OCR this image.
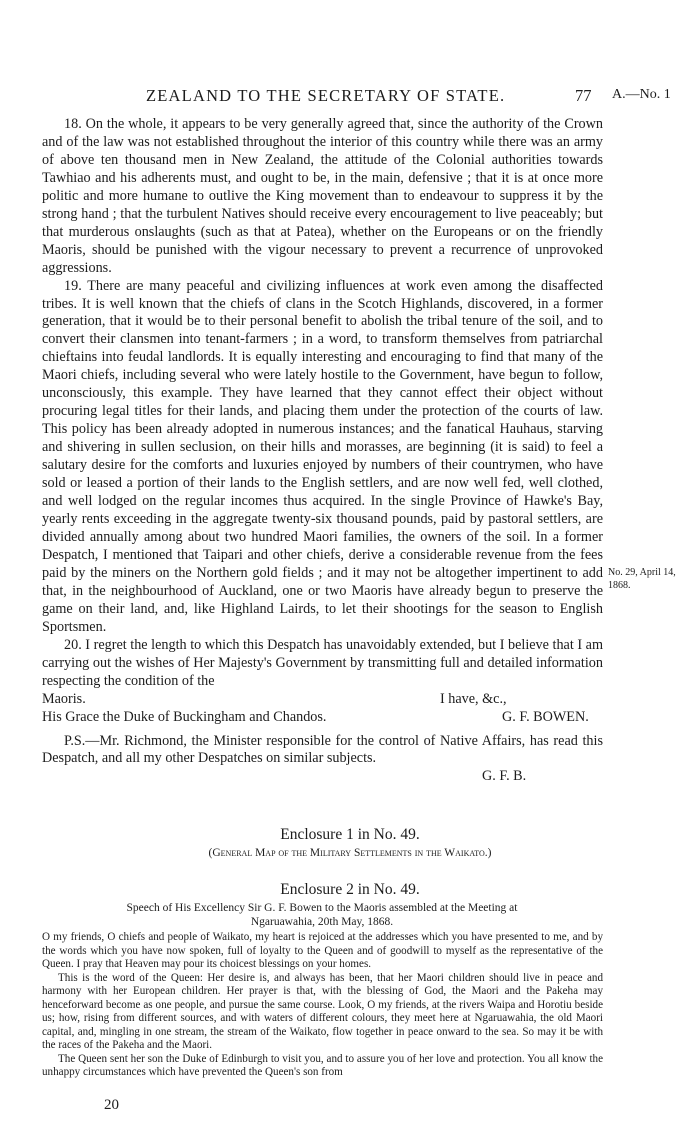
ZEALAND TO THE SECRETARY OF STATE.	77 A.—No. 1

18. On the whole, it appears to be very generally agreed that, since the authority of the Crown and of the law was not established throughout the interior of this country while there was an army of above ten thousand men in New Zealand, the attitude of the Colonial authorities towards Tawhiao and his adherents must, and ought to be, in the main, defensive ; that it is at once more politic and more humane to outlive the King movement than to endeavour to suppress it by the strong hand ; that the turbulent Natives should receive every encouragement to live peaceably; but that murderous onslaughts (such as that at Patea), whether on the Europeans or on the friendly Maoris, should be punished with the vigour necessary to prevent a recurrence of unprovoked aggressions.

19. There are many peaceful and civilizing influences at work even among the disaffected tribes. It is well known that the chiefs of clans in the Scotch Highlands, discovered, in a former generation, that it would be to their personal benefit to abolish the tribal tenure of the soil, and to convert their clansmen into tenant-farmers ; in a word, to transform themselves from patriarchal chieftains into feudal landlords. It is equally interesting and encouraging to find that many of the Maori chiefs, including several who were lately hostile to the Government, have begun to follow, unconsciously, this example. They have learned that they cannot effect their object without procuring legal titles for their lands, and placing them under the protection of the courts of law. This policy has been already adopted in numerous instances; and the fanatical Hauhaus, starving and shivering in sullen seclusion, on their hills and morasses, are beginning (it is said) to feel a salutary desire for the comforts and luxuries enjoyed by numbers of their countrymen, who have sold or leased a portion of their lands to the English settlers, and are now well fed, well clothed, and well lodged on the regular incomes thus acquired. In the single Province of Hawke's Bay, yearly rents exceeding in the aggregate twenty-six thousand pounds, paid by pastoral settlers, are divided annually among about two hundred Maori families, the owners of the soil. In a former Despatch, I mentioned that Taipari and other chiefs, derive a considerable revenue from the fees paid by the miners on the Northern gold fields ; and it may not be altogether impertinent to add that, in the neighbourhood of Auckland, one or two Maoris have already begun to preserve the game on their land, and, like Highland Lairds, to let their shootings for the season to English Sportsmen.

20. I regret the length to which this Despatch has unavoidably extended, but I believe that I am carrying out the wishes of Her Majesty's Government by transmitting full and detailed information respecting the condition of the

Maoris.	I have, &c.,
His Grace the Duke of Buckingham and Chandos.	G. F. BOWEN.

P.S.—Mr. Richmond, the Minister responsible for the control of Native Affairs, has read this Despatch, and all my other Despatches on similar subjects.

G. F. B.
No. 29, April 14, 1868.
Enclosure 1 in No. 49.
(General Map of the Military Settlements in the Waikato.)
Enclosure 2 in No. 49.
Speech of His Excellency Sir G. F. Bowen to the Maoris assembled at the Meeting at
Ngaruawahia, 20th May, 1868.

O my friends, O chiefs and people of Waikato, my heart is rejoiced at the addresses which you have presented to me, and by the words which you have now spoken, full of loyalty to the Queen and of goodwill to myself as the representative of the Queen. I pray that Heaven may pour its choicest blessings on your homes.

This is the word of the Queen: Her desire is, and always has been, that her Maori children should live in peace and harmony with her European children. Her prayer is that, with the blessing of God, the Maori and the Pakeha may henceforward become as one people, and pursue the same course. Look, O my friends, at the rivers Waipa and Horotiu beside us; how, rising from different sources, and with waters of different colours, they meet here at Ngaruawahia, the old Maori capital, and, mingling in one stream, the stream of the Waikato, flow together in peace onward to the sea. So may it be with the races of the Pakeha and the Maori.

The Queen sent her son the Duke of Edinburgh to visit you, and to assure you of her love and protection. You all know the unhappy circumstances which have prevented the Queen's son from

20
